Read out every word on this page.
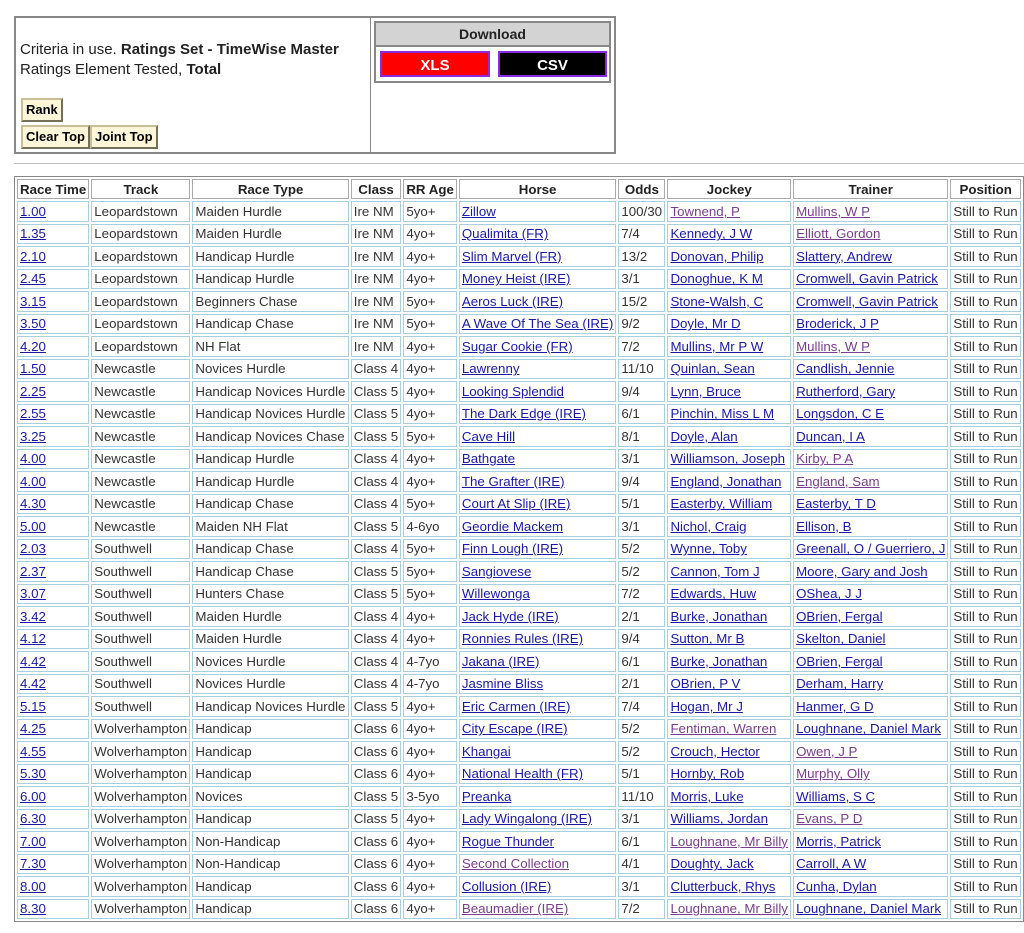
Criteria in use. Ratings Set - TimeWise Master
Ratings Element Tested, Total
Rank
Clear Top Joint Top
Download
XLS	CSV
Race Time	Track	Race Type	Class	RR Age	Horse	Odds	Jockey	Trainer	Position
1.00	Leopardstown	Maiden Hurdle	Ire NM	5yo+	Zillow	100/30	Townend, P	Mullins, W P	Still to Run
1.35	Leopardstown	Maiden Hurdle	Ire NM	4yo+	Qualimita (FR)	7/4	Kennedy, J W	Elliott, Gordon	Still to Run
2.10	Leopardstown	Handicap Hurdle	Ire NM	4yo+	Slim Marvel (FR)	13/2	Donovan, Philip	Slattery, Andrew	Still to Run
2.45	Leopardstown	Handicap Hurdle	Ire NM	4yo+	Money Heist (IRE)	3/1	Donoghue, K M	Cromwell, Gavin Patrick	Still to Run
3.15	Leopardstown	Beginners Chase	Ire NM	5yo+	Aeros Luck (IRE)	15/2	Stone-Walsh, C	Cromwell, Gavin Patrick	Still to Run
3.50	Leopardstown	Handicap Chase	Ire NM	5yo+	A Wave Of The Sea (IRE)	9/2	Doyle, Mr D	Broderick, J P	Still to Run
4.20	Leopardstown	NH Flat	Ire NM	4yo+	Sugar Cookie (FR)	7/2	Mullins, Mr P W	Mullins, W P	Still to Run
1.50	Newcastle	Novices Hurdle	Class 4	4yo+	Lawrenny	11/10	Quinlan, Sean	Candlish, Jennie	Still to Run
2.25	Newcastle	Handicap Novices Hurdle	Class 5	4yo+	Looking Splendid	9/4	Lynn, Bruce	Rutherford, Gary	Still to Run
2.55	Newcastle	Handicap Novices Hurdle	Class 5	4yo+	The Dark Edge (IRE)	6/1	Pinchin, Miss L M	Longsdon, C E	Still to Run
3.25	Newcastle	Handicap Novices Chase	Class 5	5yo+	Cave Hill	8/1	Doyle, Alan	Duncan, I A	Still to Run
4.00	Newcastle	Handicap Hurdle	Class 4	4yo+	Bathgate	3/1	Williamson, Joseph	Kirby, P A	Still to Run
4.00	Newcastle	Handicap Hurdle	Class 4	4yo+	The Grafter (IRE)	9/4	England, Jonathan	England, Sam	Still to Run
4.30	Newcastle	Handicap Chase	Class 4	5yo+	Court At Slip (IRE)	5/1	Easterby, William	Easterby, T D	Still to Run
5.00	Newcastle	Maiden NH Flat	Class 5	4-6yo	Geordie Mackem	3/1	Nichol, Craig	Ellison, B	Still to Run
2.03	Southwell	Handicap Chase	Class 4	5yo+	Finn Lough (IRE)	5/2	Wynne, Toby	Greenall, O / Guerriero, J	Still to Run
2.37	Southwell	Handicap Chase	Class 5	5yo+	Sangiovese	5/2	Cannon, Tom J	Moore, Gary and Josh	Still to Run
3.07	Southwell	Hunters Chase	Class 5	5yo+	Willewonga	7/2	Edwards, Huw	OShea, J J	Still to Run
3.42	Southwell	Maiden Hurdle	Class 4	4yo+	Jack Hyde (IRE)	2/1	Burke, Jonathan	OBrien, Fergal	Still to Run
4.12	Southwell	Maiden Hurdle	Class 4	4yo+	Ronnies Rules (IRE)	9/4	Sutton, Mr B	Skelton, Daniel	Still to Run
4.42	Southwell	Novices Hurdle	Class 4	4-7yo	Jakana (IRE)	6/1	Burke, Jonathan	OBrien, Fergal	Still to Run
4.42	Southwell	Novices Hurdle	Class 4	4-7yo	Jasmine Bliss	2/1	OBrien, P V	Derham, Harry	Still to Run
5.15	Southwell	Handicap Novices Hurdle	Class 5	4yo+	Eric Carmen (IRE)	7/4	Hogan, Mr J	Hanmer, G D	Still to Run
4.25	Wolverhampton	Handicap	Class 6	4yo+	City Escape (IRE)	5/2	Fentiman, Warren	Loughnane, Daniel Mark	Still to Run
4.55	Wolverhampton	Handicap	Class 6	4yo+	Khangai	5/2	Crouch, Hector	Owen, J P	Still to Run
5.30	Wolverhampton	Handicap	Class 6	4yo+	National Health (FR)	5/1	Hornby, Rob	Murphy, Olly	Still to Run
6.00	Wolverhampton	Novices	Class 5	3-5yo	Preanka	11/10	Morris, Luke	Williams, S C	Still to Run
6.30	Wolverhampton	Handicap	Class 5	4yo+	Lady Wingalong (IRE)	3/1	Williams, Jordan	Evans, P D	Still to Run
7.00	Wolverhampton	Non-Handicap	Class 6	4yo+	Rogue Thunder	6/1	Loughnane, Mr Billy	Morris, Patrick	Still to Run
7.30	Wolverhampton	Non-Handicap	Class 6	4yo+	Second Collection	4/1	Doughty, Jack	Carroll, A W	Still to Run
8.00	Wolverhampton	Handicap	Class 6	4yo+	Collusion (IRE)	3/1	Clutterbuck, Rhys	Cunha, Dylan	Still to Run
8.30	Wolverhampton	Handicap	Class 6	4yo+	Beaumadier (IRE)	7/2	Loughnane, Mr Billy	Loughnane, Daniel Mark	Still to Run
